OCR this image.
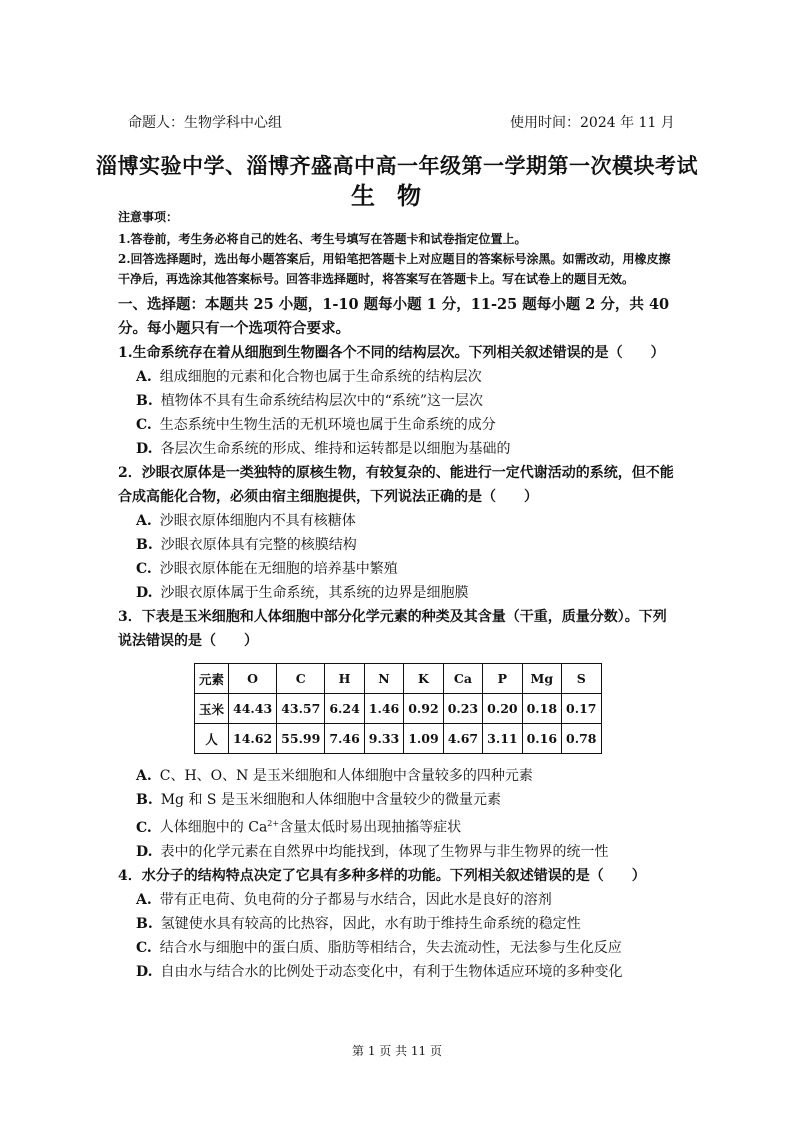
命题人：生物学科中心组	使用时间：2024 年 11 月
淄博实验中学、淄博齐盛高中高一年级第一学期第一次模块考试
生物

注意事项：

1.答卷前，考生务必将自己的姓名、考生号填写在答题卡和试卷指定位置上。

2.回答选择题时，选出每小题答案后，用铅笔把答题卡上对应题目的答案标号涂黑。如需改动，用橡皮擦干净后，再选涂其他答案标号。回答非选择题时，将答案写在答题卡上。写在试卷上的题目无效。

一、选择题：本题共 25 小题，1-10 题每小题 1 分，11-25 题每小题 2 分，共 40 分。每小题只有一个选项符合要求。

1.生命系统存在着从细胞到生物圈各个不同的结构层次。下列相关叙述错误的是（　　）

A. 组成细胞的元素和化合物也属于生命系统的结构层次

B. 植物体不具有生命系统结构层次中的“系统”这一层次

C. 生态系统中生物生活的无机环境也属于生命系统的成分

D. 各层次生命系统的形成、维持和运转都是以细胞为基础的

2．沙眼衣原体是一类独特的原核生物，有较复杂的、能进行一定代谢活动的系统，但不能合成高能化合物，必须由宿主细胞提供，下列说法正确的是（　　）

A. 沙眼衣原体细胞内不具有核糖体

B. 沙眼衣原体具有完整的核膜结构

C. 沙眼衣原体能在无细胞的培养基中繁殖

D. 沙眼衣原体属于生命系统，其系统的边界是细胞膜

3．下表是玉米细胞和人体细胞中部分化学元素的种类及其含量（干重，质量分数）。下列说法错误的是（　　）

元素	O	C	H	N	K	Ca	P	Mg	S
玉米	44.43	43.57	6.24	1.46	0.92	0.23	0.20	0.18	0.17
人	14.62	55.99	7.46	9.33	1.09	4.67	3.11	0.16	0.78

A. C、H、O、N 是玉米细胞和人体细胞中含量较多的四种元素

B. Mg 和 S 是玉米细胞和人体细胞中含量较少的微量元素

C. 人体细胞中的 $Ca^{2+}$含量太低时易出现抽搐等症状

D. 表中的化学元素在自然界中均能找到，体现了生物界与非生物界的统一性

4．水分子的结构特点决定了它具有多种多样的功能。下列相关叙述错误的是（　　）

A. 带有正电荷、负电荷的分子都易与水结合，因此水是良好的溶剂

B. 氢键使水具有较高的比热容，因此，水有助于维持生命系统的稳定性

C. 结合水与细胞中的蛋白质、脂肪等相结合，失去流动性，无法参与生化反应

D. 自由水与结合水的比例处于动态变化中，有利于生物体适应环境的多种变化

第 1 页 共 11 页
